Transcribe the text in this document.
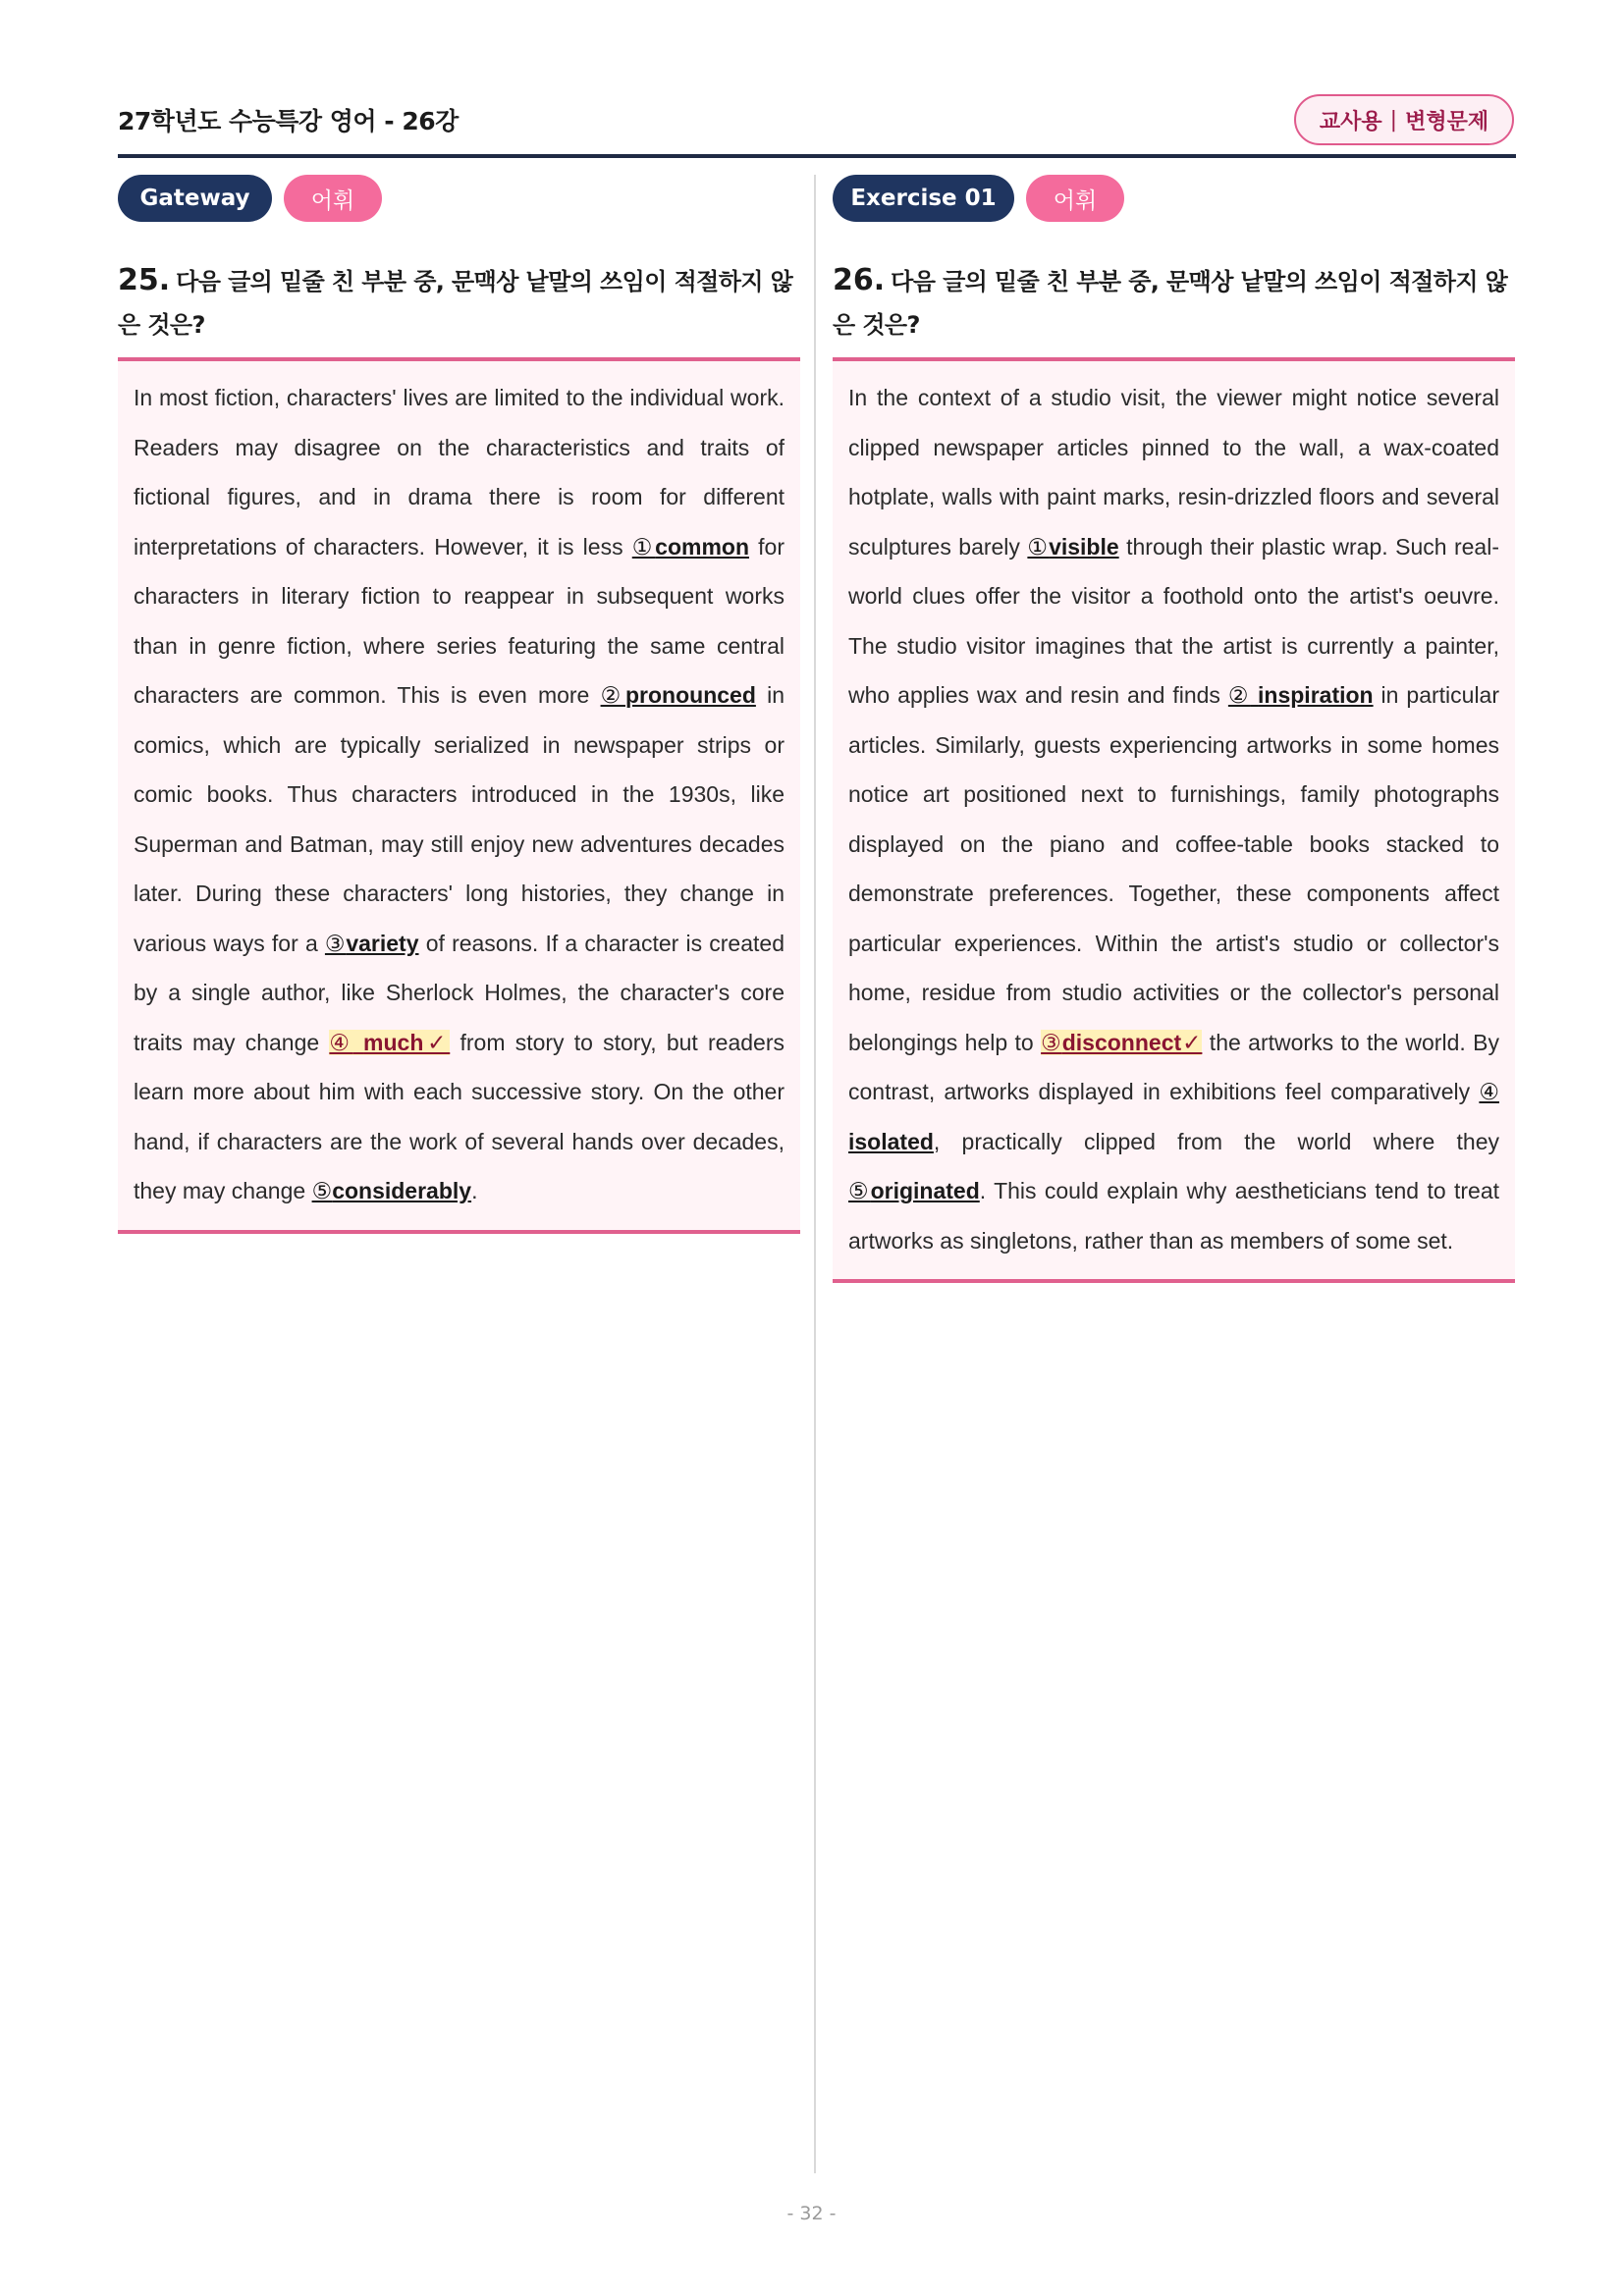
27학년도 수능특강 영어 - 26강	교사용 | 변형문제
Gateway	어휘
25. 다음 글의 밑줄 친 부분 중, 문맥상 낱말의 쓰임이 적절하지 않은 것은?
In most fiction, characters' lives are limited to the individual work. Readers may disagree on the characteristics and traits of fictional figures, and in drama there is room for different interpretations of characters. However, it is less ①common for characters in literary fiction to reappear in subsequent works than in genre fiction, where series featuring the same central characters are common. This is even more ②pronounced in comics, which are typically serialized in newspaper strips or comic books. Thus characters introduced in the 1930s, like Superman and Batman, may still enjoy new adventures decades later. During these characters' long histories, they change in various ways for a ③variety of reasons. If a character is created by a single author, like Sherlock Holmes, the character's core traits may change ④ much✓ from story to story, but readers learn more about him with each successive story. On the other hand, if characters are the work of several hands over decades, they may change ⑤considerably.
Exercise 01	어휘
26. 다음 글의 밑줄 친 부분 중, 문맥상 낱말의 쓰임이 적절하지 않은 것은?
In the context of a studio visit, the viewer might notice several clipped newspaper articles pinned to the wall, a wax-coated hotplate, walls with paint marks, resin-drizzled floors and several sculptures barely ①visible through their plastic wrap. Such real-world clues offer the visitor a foothold onto the artist's oeuvre. The studio visitor imagines that the artist is currently a painter, who applies wax and resin and finds ② inspiration in particular articles. Similarly, guests experiencing artworks in some homes notice art positioned next to furnishings, family photographs displayed on the piano and coffee-table books stacked to demonstrate preferences. Together, these components affect particular experiences. Within the artist's studio or collector's home, residue from studio activities or the collector's personal belongings help to ③disconnect✓ the artworks to the world. By contrast, artworks displayed in exhibitions feel comparatively ④ isolated, practically clipped from the world where they ⑤originated. This could explain why aestheticians tend to treat artworks as singletons, rather than as members of some set.
- 32 -
